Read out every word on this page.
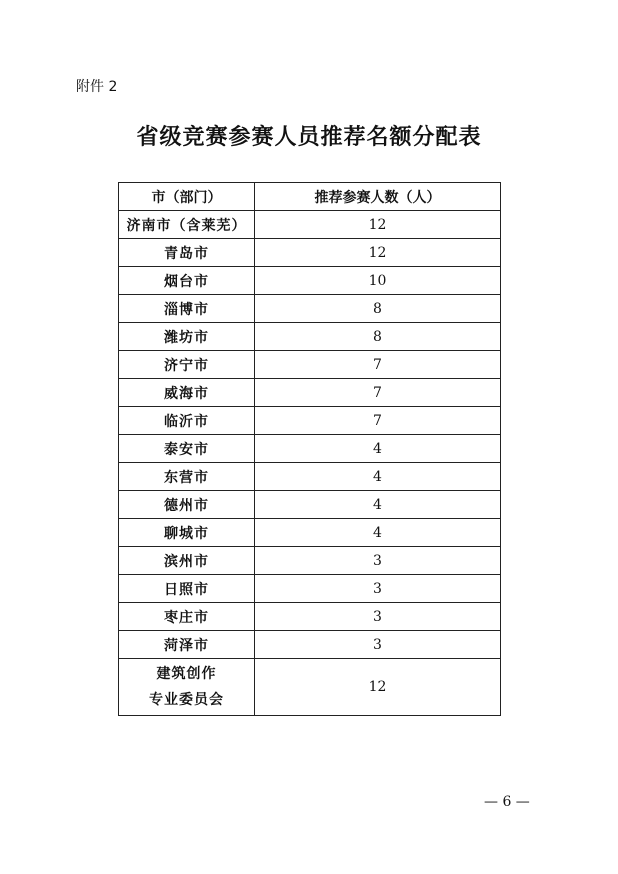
附件 2
省级竞赛参赛人员推荐名额分配表
市（部门）	推荐参赛人数（人）
济南市（含莱芜）	12
青岛市	12
烟台市	10
淄博市	8
潍坊市	8
济宁市	7
威海市	7
临沂市	7
泰安市	4
东营市	4
德州市	4
聊城市	4
滨州市	3
日照市	3
枣庄市	3
菏泽市	3

建筑创作
专业委员会	12
— 6 —
